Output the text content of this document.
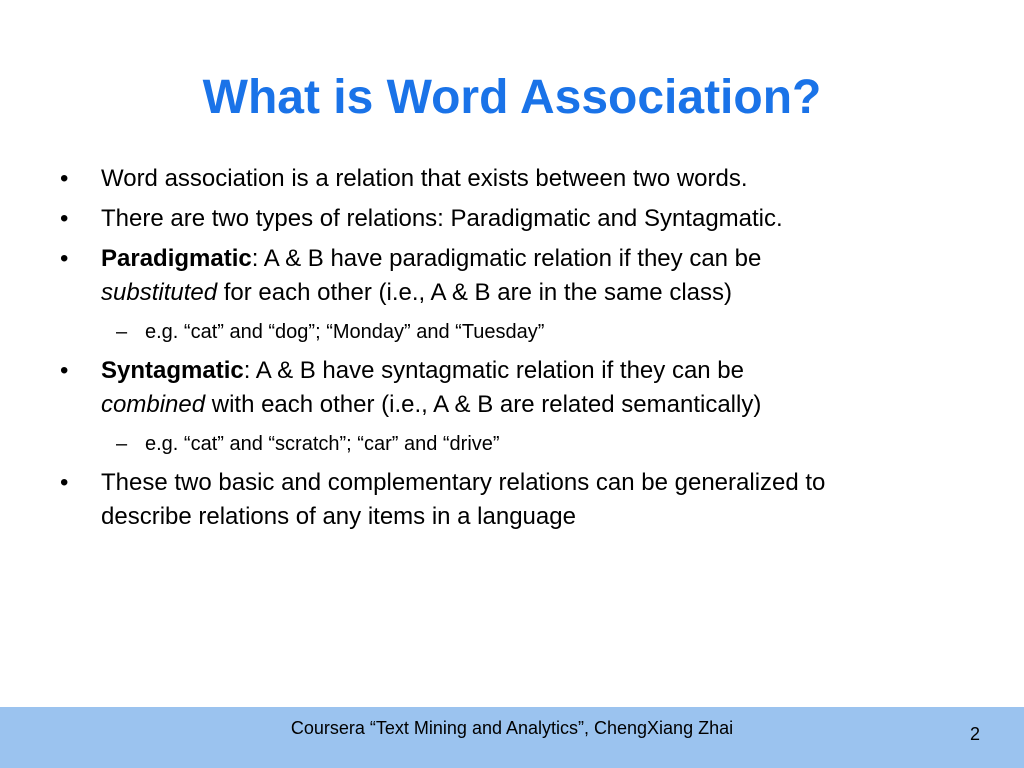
What is Word Association?
• Word association is a relation that exists between two words.
• There are two types of relations: Paradigmatic and Syntagmatic.
• Paradigmatic: A & B have paradigmatic relation if they can be
substituted for each other (i.e., A & B are in the same class)
– e.g. “cat” and “dog”; “Monday” and “Tuesday”
• Syntagmatic: A & B have syntagmatic relation if they can be
combined with each other (i.e., A & B are related semantically)
– e.g. “cat” and “scratch”; “car” and “drive”
• These two basic and complementary relations can be generalized to
describe relations of any items in a language
Coursera “Text Mining and Analytics”, ChengXiang Zhai	2
